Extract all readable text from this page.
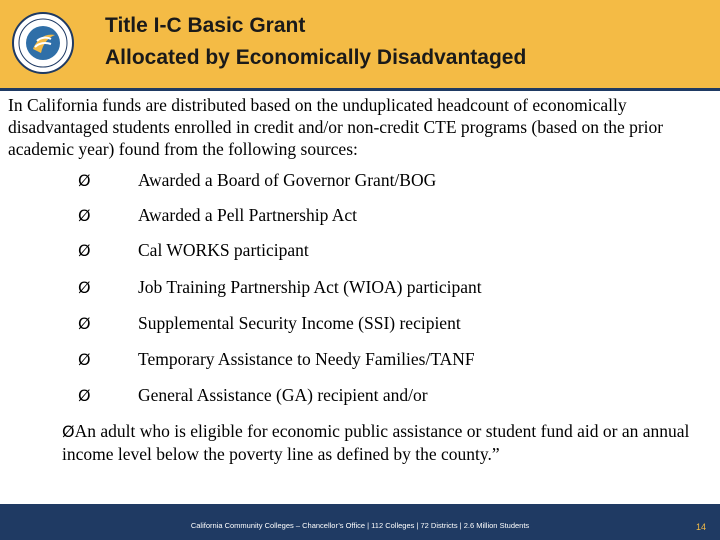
Title I-C Basic Grant
Allocated by Economically Disadvantaged
In California funds are distributed based on the unduplicated headcount of economically disadvantaged students enrolled in credit and/or non-credit CTE programs (based on the prior academic year) found from the following sources:
Ø	Awarded a Board of Governor Grant/BOG
Ø	Awarded a Pell Partnership Act
Ø	Cal WORKS participant
Ø	Job Training Partnership Act (WIOA) participant
Ø	Supplemental Security Income (SSI) recipient
Ø	Temporary Assistance to Needy Families/TANF
Ø	General Assistance (GA) recipient and/or
ØAn adult who is eligible for economic public assistance or student fund aid or an annual income level below the poverty line as defined by the county.”
California Community Colleges – Chancellor’s Office | 112 Colleges | 72 Districts | 2.6 Million Students	14
